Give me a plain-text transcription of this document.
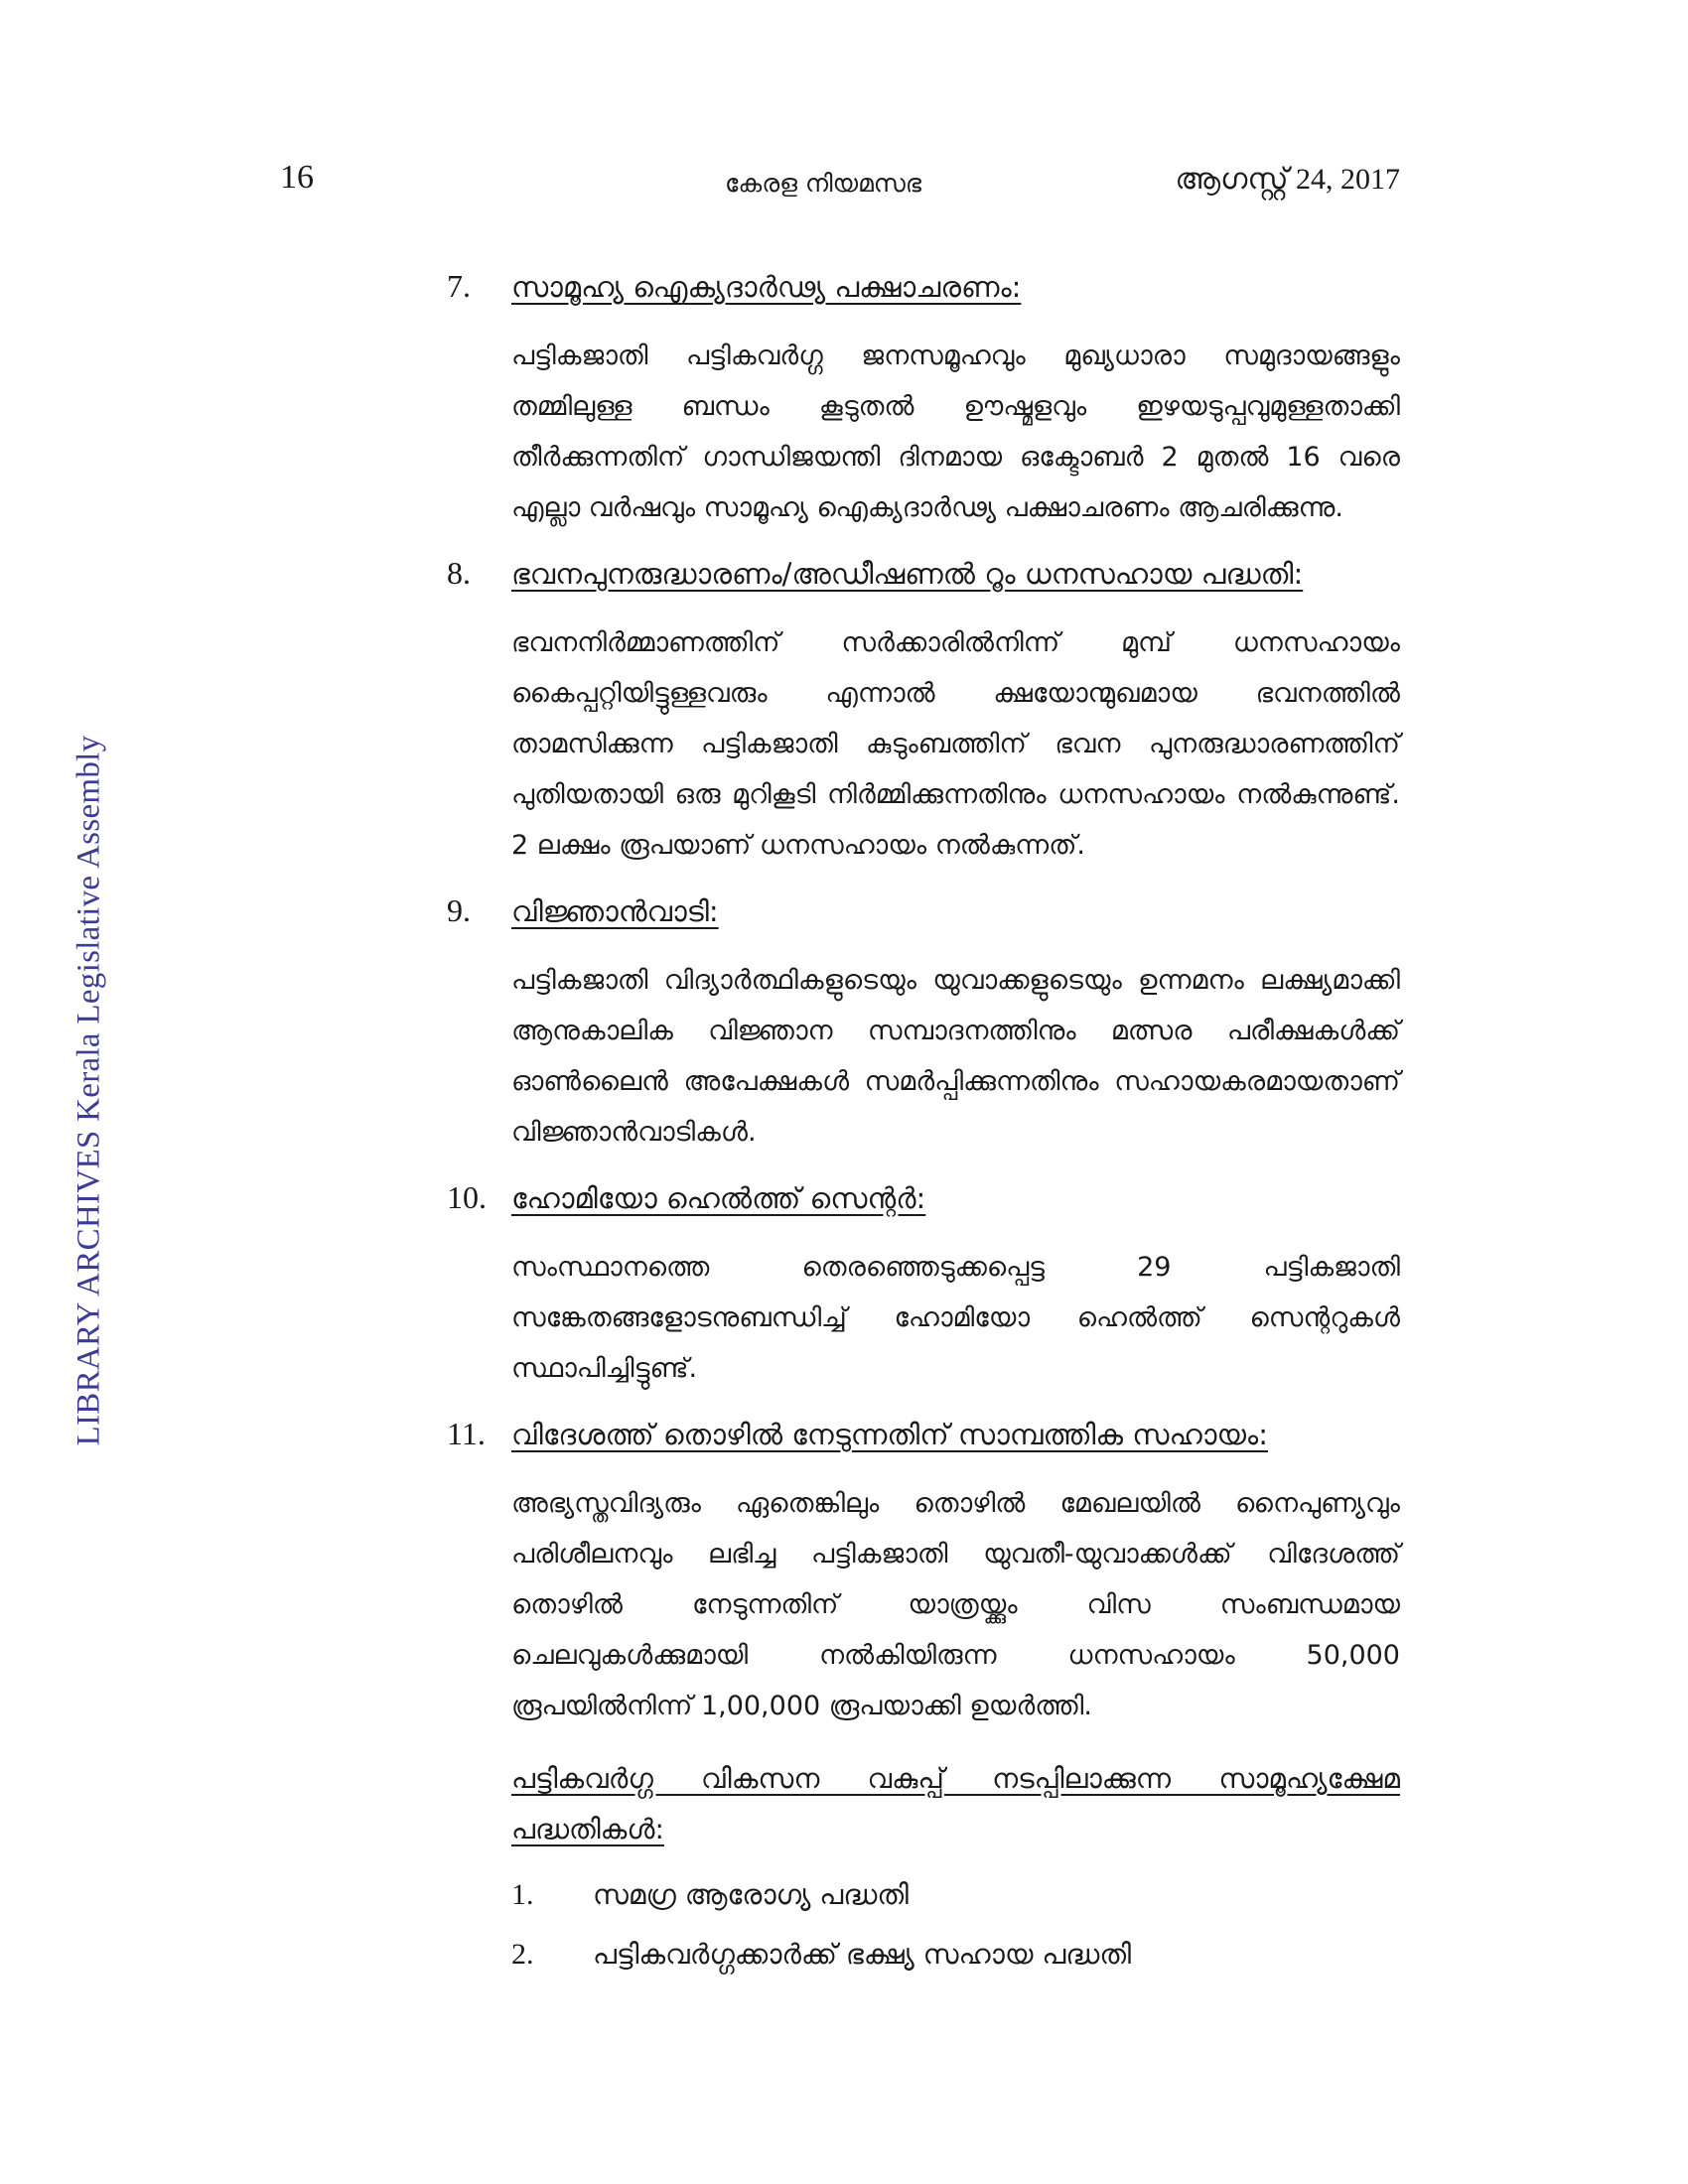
16	കേരള നിയമസഭ	ആഗസ്റ്റ് 24, 2017
LIBRARY ARCHIVES Kerala Legislative Assembly
7.	സാമൂഹ്യ ഐക്യദാർഢ്യ പക്ഷാചരണം:
പട്ടികജാതി പട്ടികവർഗ്ഗ ജനസമൂഹവും മുഖ്യധാരാ സമുദായങ്ങളും തമ്മിലുള്ള ബന്ധം കൂടുതൽ ഊഷ്മളവും ഇഴയടുപ്പവുമുള്ളതാക്കി തീർക്കുന്നതിന് ഗാന്ധിജയന്തി ദിനമായ ഒക്ടോബർ 2 മുതൽ 16 വരെ എല്ലാ വർഷവും സാമൂഹ്യ ഐക്യദാർഢ്യ പക്ഷാചരണം ആചരിക്കുന്നു.
8.	ഭവനപുനരുദ്ധാരണം/അഡീഷണൽ റൂം ധനസഹായ പദ്ധതി:
ഭവനനിർമ്മാണത്തിന് സർക്കാരിൽനിന്ന് മുമ്പ് ധനസഹായം കൈപ്പറ്റിയിട്ടുള്ളവരും എന്നാൽ ക്ഷയോന്മുഖമായ ഭവനത്തിൽ താമസിക്കുന്ന പട്ടികജാതി കുടുംബത്തിന് ഭവന പുനരുദ്ധാരണത്തിന് പുതിയതായി ഒരു മുറികൂടി നിർമ്മിക്കുന്നതിനും ധനസഹായം നൽകുന്നുണ്ട്. 2 ലക്ഷം രൂപയാണ് ധനസഹായം നൽകുന്നത്.
9.	വിജ്ഞാൻവാടി:
പട്ടികജാതി വിദ്യാർത്ഥികളുടെയും യുവാക്കളുടെയും ഉന്നമനം ലക്ഷ്യമാക്കി ആനുകാലിക വിജ്ഞാന സമ്പാദനത്തിനും മത്സര പരീക്ഷകൾക്ക് ഓൺലൈൻ അപേക്ഷകൾ സമർപ്പിക്കുന്നതിനും സഹായകരമായതാണ് വിജ്ഞാൻവാടികൾ.
10. ഹോമിയോ ഹെൽത്ത് സെന്റർ:
സംസ്ഥാനത്തെ തെരഞ്ഞെടുക്കപ്പെട്ട 29 പട്ടികജാതി സങ്കേതങ്ങളോടനുബന്ധിച്ച് ഹോമിയോ ഹെൽത്ത് സെന്ററുകൾ സ്ഥാപിച്ചിട്ടുണ്ട്.
11. വിദേശത്ത് തൊഴിൽ നേടുന്നതിന് സാമ്പത്തിക സഹായം:
അഭ്യസ്തവിദ്യരും ഏതെങ്കിലും തൊഴിൽ മേഖലയിൽ നൈപുണ്യവും പരിശീലനവും ലഭിച്ച പട്ടികജാതി യുവതീ-യുവാക്കൾക്ക് വിദേശത്ത് തൊഴിൽ നേടുന്നതിന് യാത്രയ്ക്കും വിസ സംബന്ധമായ ചെലവുകൾക്കുമായി നൽകിയിരുന്ന ധനസഹായം 50,000 രൂപയിൽനിന്ന് 1,00,000 രൂപയാക്കി ഉയർത്തി.
പട്ടികവർഗ്ഗ വികസന വകുപ്പ് നടപ്പിലാക്കുന്ന സാമൂഹ്യക്ഷേമ പദ്ധതികൾ:
1.	സമഗ്ര ആരോഗ്യ പദ്ധതി
2.	പട്ടികവർഗ്ഗക്കാർക്ക് ഭക്ഷ്യ സഹായ പദ്ധതി
